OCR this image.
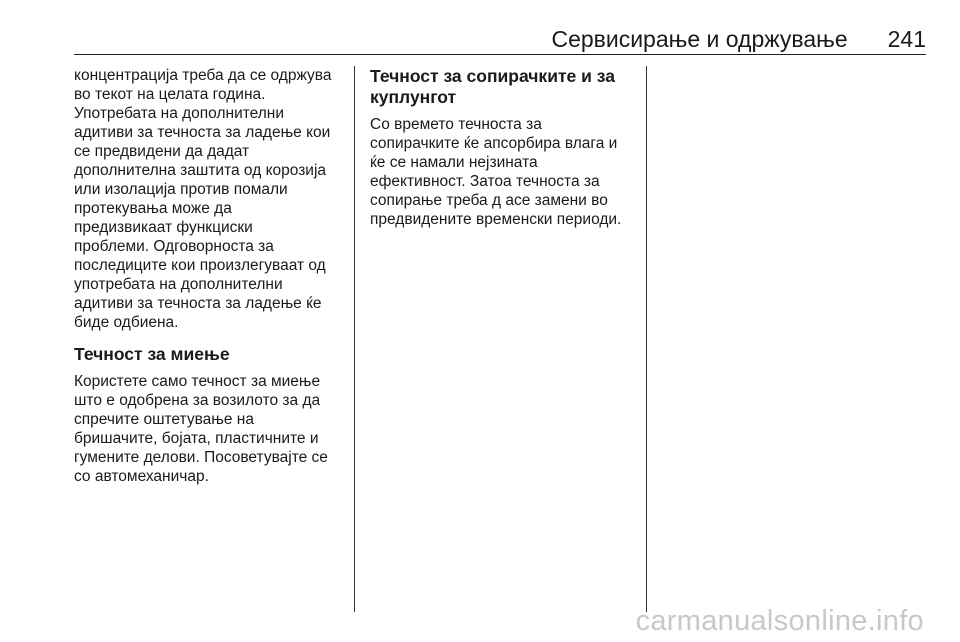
Сервисирање и одржување 241
концентрација треба да се одржува
во текот на целата година.
Употребата на дополнителни
адитиви за течноста за ладење кои
се предвидени да дадат
дополнителна заштита од корозија
или изолација против помали
протекувања може да
предизвикаат функциски
проблеми. Одговорноста за
последиците кои произлегуваат од
употребата на дополнителни
адитиви за течноста за ладење ќе
биде одбиена.
Течност за миење
Користете само течност за миење
што е одобрена за возилото за да
спречите оштетување на
бришачите, бојата, пластичните и
гумените делови. Посоветувајте се
со автомеханичар.
Течност за сопирачките и за
куплунгот
Со времето течноста за
сопирачките ќе апсорбира влага и
ќе се намали нејзината
ефективност. Затоа течноста за
сопирање треба д асе замени во
предвидените временски периоди.
carmanualsonline.info
